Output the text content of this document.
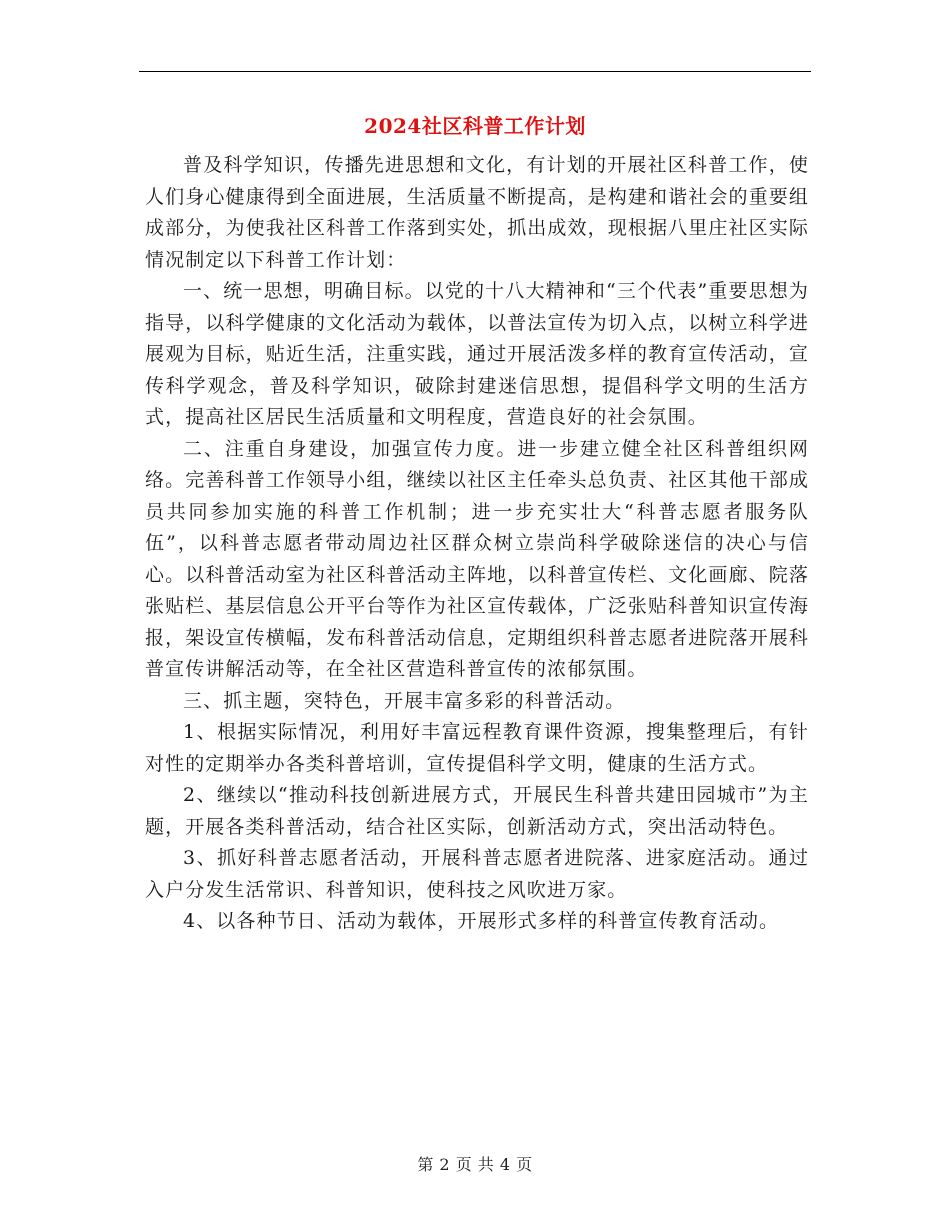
2024社区科普工作计划

普及科学知识，传播先进思想和文化，有计划的开展社区科普工作，使人们身心健康得到全面进展，生活质量不断提高，是构建和谐社会的重要组成部分，为使我社区科普工作落到实处，抓出成效，现根据八里庄社区实际情况制定以下科普工作计划：

一、统一思想，明确目标。以党的十八大精神和“三个代表”重要思想为指导，以科学健康的文化活动为载体，以普法宣传为切入点，以树立科学进展观为目标，贴近生活，注重实践，通过开展活泼多样的教育宣传活动，宣传科学观念，普及科学知识，破除封建迷信思想，提倡科学文明的生活方式，提高社区居民生活质量和文明程度，营造良好的社会氛围。

二、注重自身建设，加强宣传力度。进一步建立健全社区科普组织网络。完善科普工作领导小组，继续以社区主任牵头总负责、社区其他干部成员共同参加实施的科普工作机制；进一步充实壮大“科普志愿者服务队伍”，以科普志愿者带动周边社区群众树立崇尚科学破除迷信的决心与信心。以科普活动室为社区科普活动主阵地，以科普宣传栏、文化画廊、院落张贴栏、基层信息公开平台等作为社区宣传载体，广泛张贴科普知识宣传海报，架设宣传横幅，发布科普活动信息，定期组织科普志愿者进院落开展科普宣传讲解活动等，在全社区营造科普宣传的浓郁氛围。

三、抓主题，突特色，开展丰富多彩的科普活动。

1、根据实际情况，利用好丰富远程教育课件资源，搜集整理后，有针对性的定期举办各类科普培训，宣传提倡科学文明，健康的生活方式。

2、继续以“推动科技创新进展方式，开展民生科普共建田园城市”为主题，开展各类科普活动，结合社区实际，创新活动方式，突出活动特色。

3、抓好科普志愿者活动，开展科普志愿者进院落、进家庭活动。通过入户分发生活常识、科普知识，使科技之风吹进万家。

4、以各种节日、活动为载体，开展形式多样的科普宣传教育活动。

第 2 页 共 4 页
